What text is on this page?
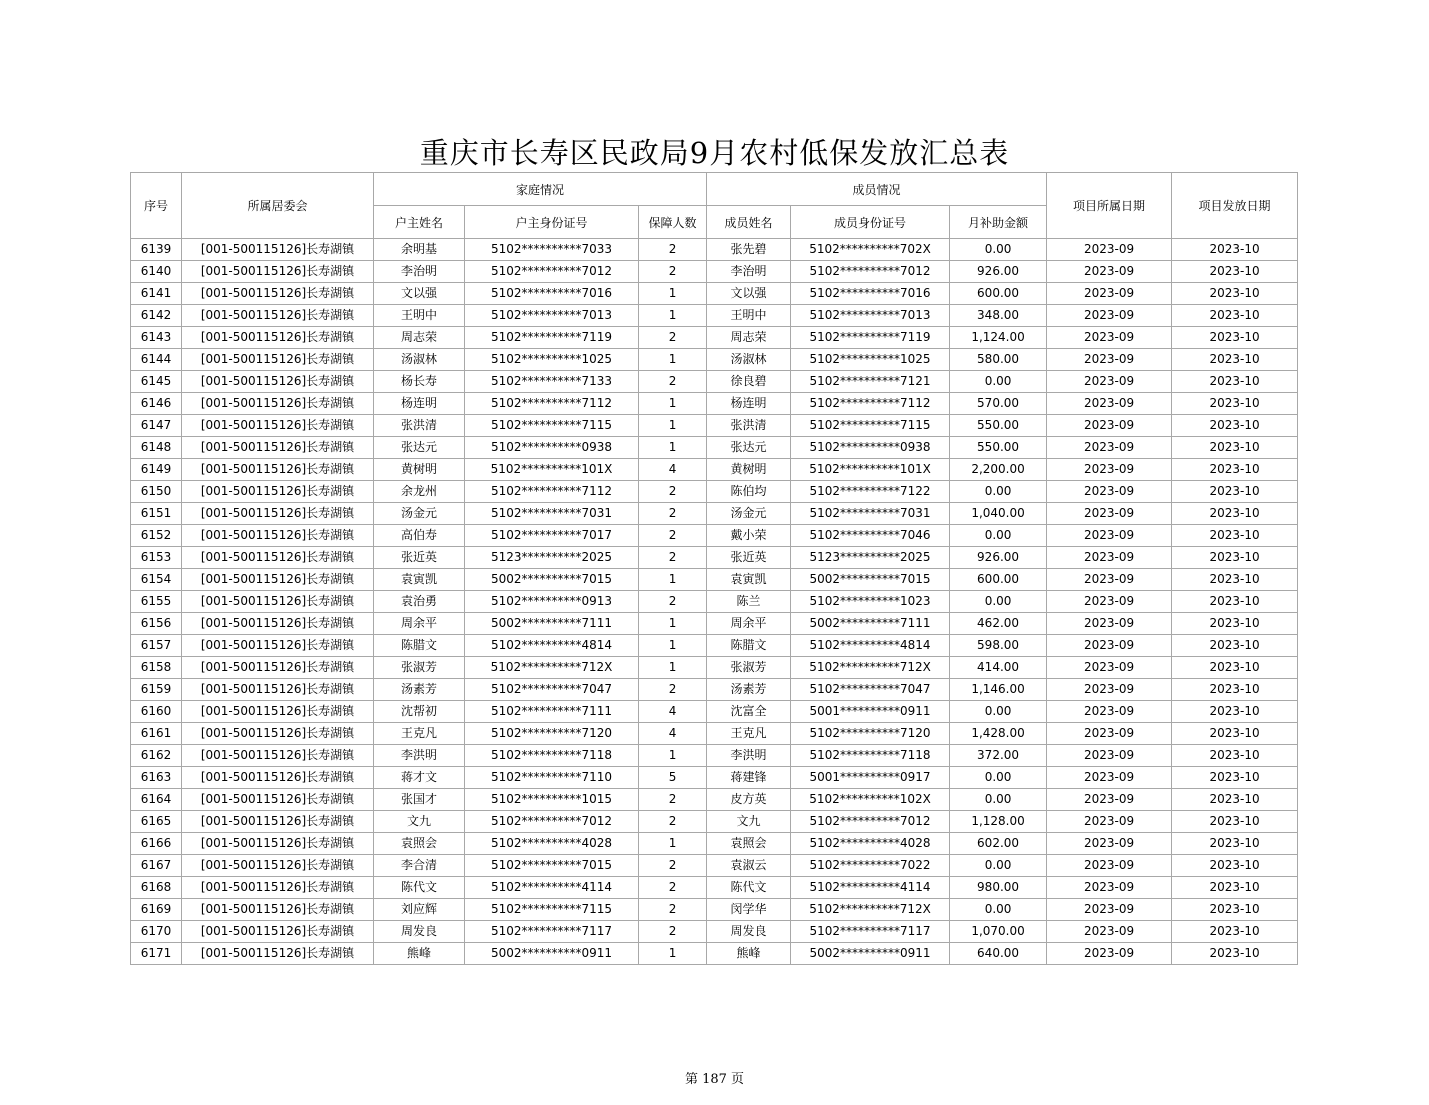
重庆市长寿区民政局9月农村低保发放汇总表
序号	所属居委会	家庭情况			成员情况			项目所属日期	项目发放日期
		户主姓名	户主身份证号	保障人数	成员姓名	成员身份证号	月补助金额		
6139	[001-500115126]长寿湖镇	余明基	5102**********7033	2	张先碧	5102**********702X	0.00	2023-09	2023-10
6140	[001-500115126]长寿湖镇	李治明	5102**********7012	2	李治明	5102**********7012	926.00	2023-09	2023-10
6141	[001-500115126]长寿湖镇	文以强	5102**********7016	1	文以强	5102**********7016	600.00	2023-09	2023-10
6142	[001-500115126]长寿湖镇	王明中	5102**********7013	1	王明中	5102**********7013	348.00	2023-09	2023-10
6143	[001-500115126]长寿湖镇	周志荣	5102**********7119	2	周志荣	5102**********7119	1,124.00	2023-09	2023-10
6144	[001-500115126]长寿湖镇	汤淑林	5102**********1025	1	汤淑林	5102**********1025	580.00	2023-09	2023-10
6145	[001-500115126]长寿湖镇	杨长寿	5102**********7133	2	徐良碧	5102**********7121	0.00	2023-09	2023-10
6146	[001-500115126]长寿湖镇	杨连明	5102**********7112	1	杨连明	5102**********7112	570.00	2023-09	2023-10
6147	[001-500115126]长寿湖镇	张洪清	5102**********7115	1	张洪清	5102**********7115	550.00	2023-09	2023-10
6148	[001-500115126]长寿湖镇	张达元	5102**********0938	1	张达元	5102**********0938	550.00	2023-09	2023-10
6149	[001-500115126]长寿湖镇	黄树明	5102**********101X	4	黄树明	5102**********101X	2,200.00	2023-09	2023-10
6150	[001-500115126]长寿湖镇	余龙州	5102**********7112	2	陈伯均	5102**********7122	0.00	2023-09	2023-10
6151	[001-500115126]长寿湖镇	汤金元	5102**********7031	2	汤金元	5102**********7031	1,040.00	2023-09	2023-10
6152	[001-500115126]长寿湖镇	高伯寿	5102**********7017	2	戴小荣	5102**********7046	0.00	2023-09	2023-10
6153	[001-500115126]长寿湖镇	张近英	5123**********2025	2	张近英	5123**********2025	926.00	2023-09	2023-10
6154	[001-500115126]长寿湖镇	袁寅凯	5002**********7015	1	袁寅凯	5002**********7015	600.00	2023-09	2023-10
6155	[001-500115126]长寿湖镇	袁治勇	5102**********0913	2	陈兰	5102**********1023	0.00	2023-09	2023-10
6156	[001-500115126]长寿湖镇	周余平	5002**********7111	1	周余平	5002**********7111	462.00	2023-09	2023-10
6157	[001-500115126]长寿湖镇	陈腊文	5102**********4814	1	陈腊文	5102**********4814	598.00	2023-09	2023-10
6158	[001-500115126]长寿湖镇	张淑芳	5102**********712X	1	张淑芳	5102**********712X	414.00	2023-09	2023-10
6159	[001-500115126]长寿湖镇	汤素芳	5102**********7047	2	汤素芳	5102**********7047	1,146.00	2023-09	2023-10
6160	[001-500115126]长寿湖镇	沈帮初	5102**********7111	4	沈富全	5001**********0911	0.00	2023-09	2023-10
6161	[001-500115126]长寿湖镇	王克凡	5102**********7120	4	王克凡	5102**********7120	1,428.00	2023-09	2023-10
6162	[001-500115126]长寿湖镇	李洪明	5102**********7118	1	李洪明	5102**********7118	372.00	2023-09	2023-10
6163	[001-500115126]长寿湖镇	蒋才文	5102**********7110	5	蒋建锋	5001**********0917	0.00	2023-09	2023-10
6164	[001-500115126]长寿湖镇	张国才	5102**********1015	2	皮方英	5102**********102X	0.00	2023-09	2023-10
6165	[001-500115126]长寿湖镇	文九	5102**********7012	2	文九	5102**********7012	1,128.00	2023-09	2023-10
6166	[001-500115126]长寿湖镇	袁照会	5102**********4028	1	袁照会	5102**********4028	602.00	2023-09	2023-10
6167	[001-500115126]长寿湖镇	李合清	5102**********7015	2	袁淑云	5102**********7022	0.00	2023-09	2023-10
6168	[001-500115126]长寿湖镇	陈代文	5102**********4114	2	陈代文	5102**********4114	980.00	2023-09	2023-10
6169	[001-500115126]长寿湖镇	刘应辉	5102**********7115	2	闵学华	5102**********712X	0.00	2023-09	2023-10
6170	[001-500115126]长寿湖镇	周发良	5102**********7117	2	周发良	5102**********7117	1,070.00	2023-09	2023-10
6171	[001-500115126]长寿湖镇	熊峰	5002**********0911	1	熊峰	5002**********0911	640.00	2023-09	2023-10
第 187 页
